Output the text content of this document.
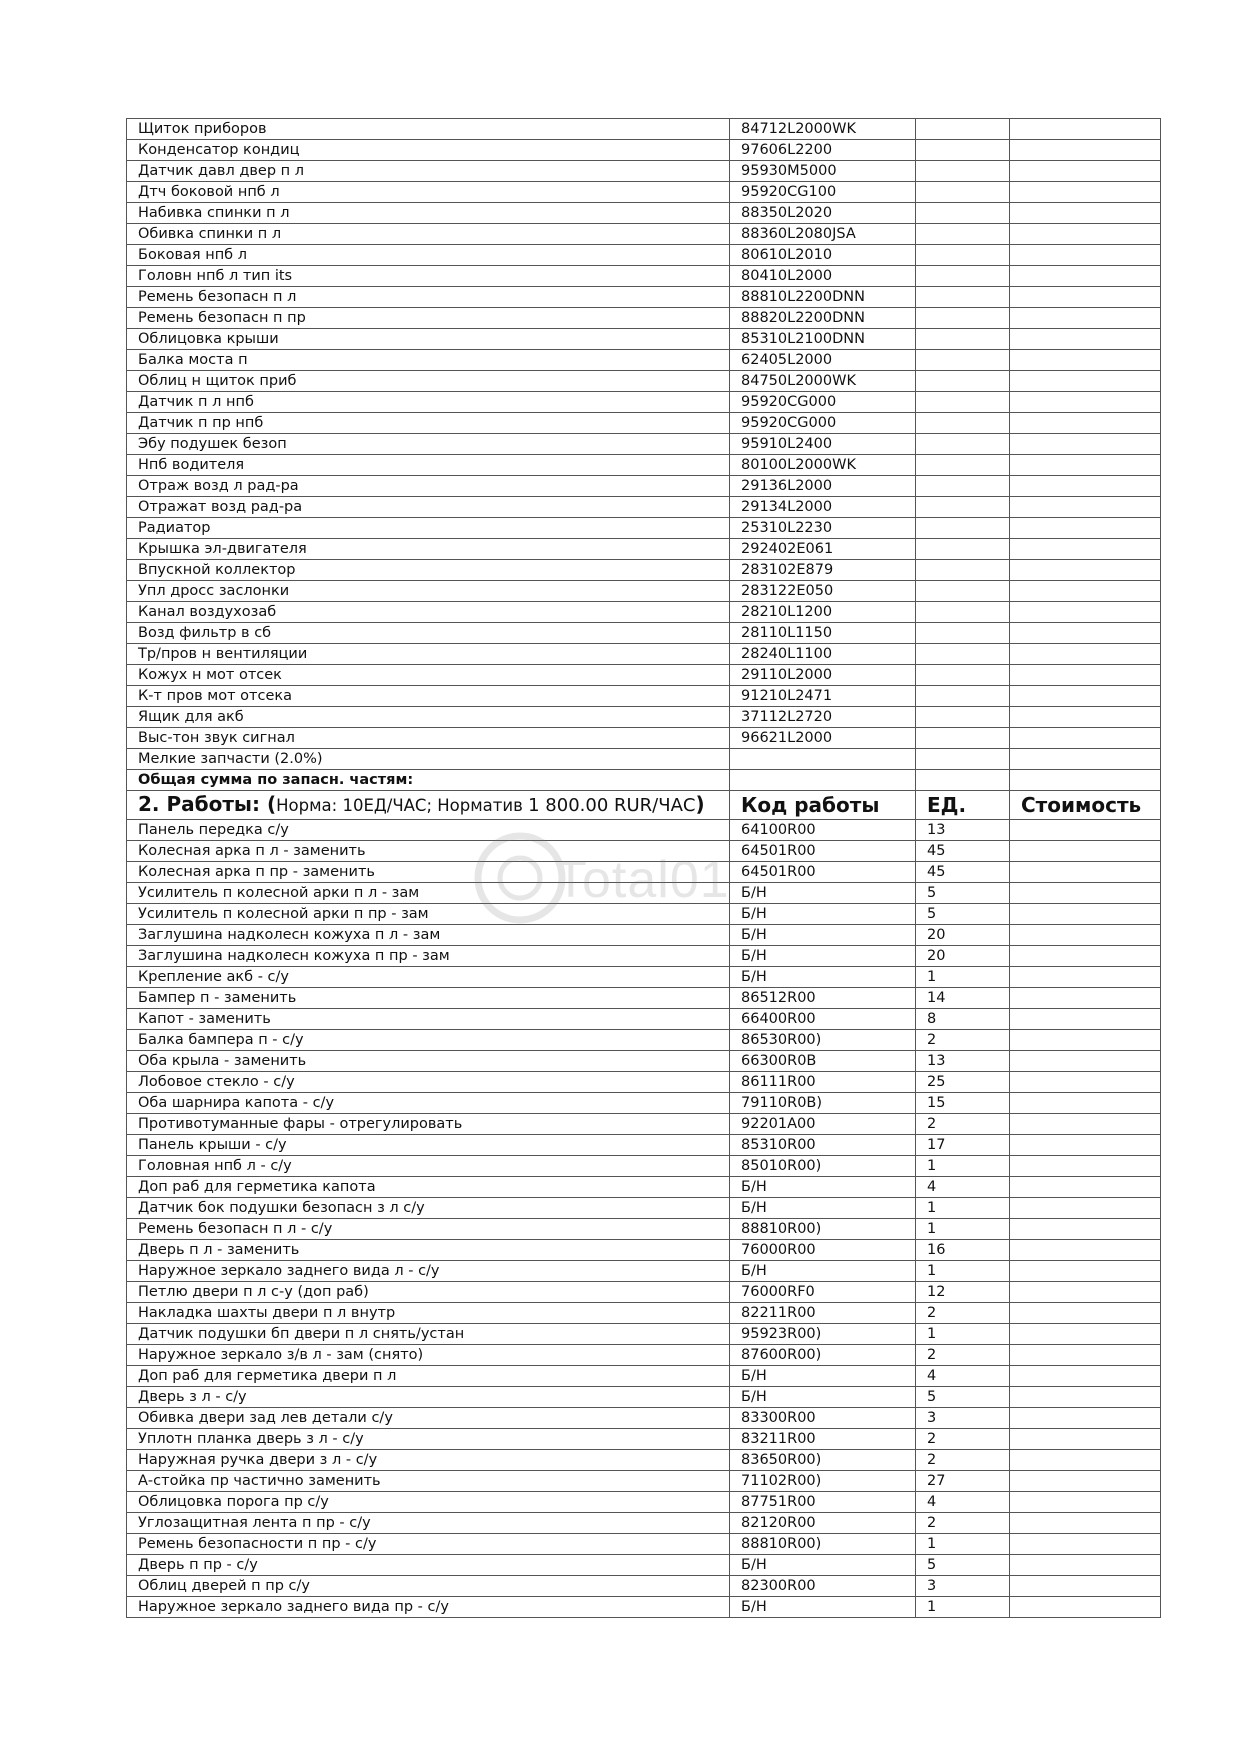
Щиток приборов	84712L2000WK		
Конденсатор кондиц	97606L2200		
Датчик давл двер п л	95930M5000		
Дтч боковой нпб л	95920CG100		
Набивка спинки п л	88350L2020		
Обивка спинки п л	88360L2080JSA		
Боковая нпб л	80610L2010		
Головн нпб л тип its	80410L2000		
Ремень безопасн п л	88810L2200DNN		
Ремень безопасн п пр	88820L2200DNN		
Облицовка крыши	85310L2100DNN		
Балка моста п	62405L2000		
Облиц н щиток приб	84750L2000WK		
Датчик п л нпб	95920CG000		
Датчик п пр нпб	95920CG000		
Эбу подушек безоп	95910L2400		
Нпб водителя	80100L2000WK		
Отраж возд л рад-ра	29136L2000		
Отражат возд рад-ра	29134L2000		
Радиатор	25310L2230		
Крышка эл-двигателя	292402E061		
Впускной коллектор	283102E879		
Упл дросс заслонки	283122E050		
Канал воздухозаб	28210L1200		
Возд фильтр в сб	28110L1150		
Тр/пров н вентиляции	28240L1100		
Кожух н мот отсек	29110L2000		
К-т пров мот отсека	91210L2471		
Ящик для акб	37112L2720		
Выс-тон звук сигнал	96621L2000		
Мелкие запчасти (2.0%)			
Общая сумма по запасн. частям:			
2. Работы: (Норма: 10ЕД/ЧАС; Норматив 1 800.00 RUR/ЧАС)	Код работы	ЕД.	Стоимость
Панель передка с/у	64100R00	13	
Колесная арка п л - заменить	64501R00	45	
Колесная арка п пр - заменить	64501R00	45	
Усилитель п колесной арки п л - зам	Б/Н	5	
Усилитель п колесной арки п пр - зам	Б/Н	5	
Заглушина надколесн кожуха п л - зам	Б/Н	20	
Заглушина надколесн кожуха п пр - зам	Б/Н	20	
Крепление акб - с/у	Б/Н	1	
Бампер п - заменить	86512R00	14	
Капот - заменить	66400R00	8	
Балка бампера п - с/у	86530R00)	2	
Оба крыла - заменить	66300R0B	13	
Лобовое стекло - с/у	86111R00	25	
Оба шарнира капота - с/у	79110R0B)	15	
Противотуманные фары - отрегулировать	92201A00	2	
Панель крыши - с/у	85310R00	17	
Головная нпб л - с/у	85010R00)	1	
Доп раб для герметика капота	Б/Н	4	
Датчик бок подушки безопасн з л с/у	Б/Н	1	
Ремень безопасн п л - с/у	88810R00)	1	
Дверь п л - заменить	76000R00	16	
Наружное зеркало заднего вида л - с/у	Б/Н	1	
Петлю двери п л с-у (доп раб)	76000RF0	12	
Накладка шахты двери п л внутр	82211R00	2	
Датчик подушки бп двери п л снять/устан	95923R00)	1	
Наружное зеркало з/в л - зам (снято)	87600R00)	2	
Доп раб для герметика двери п л	Б/Н	4	
Дверь з л - с/у	Б/Н	5	
Обивка двери зад лев детали с/у	83300R00	3	
Уплотн планка дверь з л - с/у	83211R00	2	
Наружная ручка двери з л - с/у	83650R00)	2	
А-стойка пр частично заменить	71102R00)	27	
Облицовка порога пр с/у	87751R00	4	
Углозащитная лента п пр - с/у	82120R00	2	
Ремень безопасности п пр - с/у	88810R00)	1	
Дверь п пр - с/у	Б/Н	5	
Облиц дверей п пр с/у	82300R00	3	
Наружное зеркало заднего вида пр - с/у	Б/Н	1	
Total01
